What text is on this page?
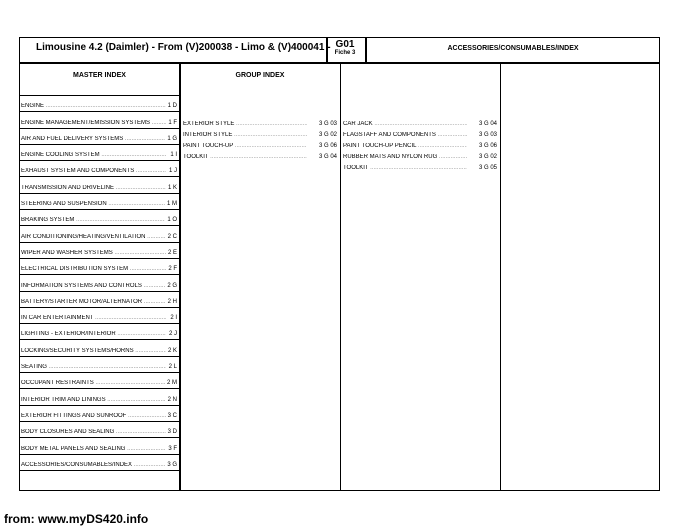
Limousine 4.2 (Daimler) - From (V)200038 - Limo & (V)400041 - G01
Fiche 3
ACCESSORIES/CONSUMABLES/INDEX
MASTER INDEX	GROUP INDEX
ENGINE .....	1 D
ENGINE MANAGEMENT/EMISSION SYSTEMS .....	1 F
AIR AND FUEL DELIVERY SYSTEMS .....	1 G
ENGINE COOLING SYSTEM .....	1 I
EXHAUST SYSTEM AND COMPONENTS .....	1 J
TRANSMISSION AND DRIVELINE .....	1 K
STEERING AND SUSPENSION .....	1 M
BRAKING SYSTEM .....	1 O
AIR CONDITIONING/HEATING/VENTILATION .....	2 C
WIPER AND WASHER SYSTEMS .....	2 E
ELECTRICAL DISTRIBUTION SYSTEM .....	2 F
INFORMATION SYSTEMS AND CONTROLS .....	2 G
BATTERY/STARTER MOTOR/ALTERNATOR .....	2 H
IN CAR ENTERTAINMENT .....	2 I
LIGHTING - EXTERIOR/INTERIOR .....	2 J
LOCKING/SECURITY SYSTEMS/HORNS .....	2 K
SEATING .....	2 L
OCCUPANT RESTRAINTS .....	2 M
INTERIOR TRIM AND LININGS .....	2 N
EXTERIOR FITTINGS AND SUNROOF .....	3 C
BODY CLOSURES AND SEALING .....	3 D
BODY METAL PANELS AND SEALING .....	3 F
ACCESSORIES/CONSUMABLES/INDEX .....	3 G
EXTERIOR STYLE .....	3 G 03
INTERIOR STYLE .....	3 G 02
PAINT TOUCH-UP .....	3 G 06
TOOLKIT .....	3 G 04
CAR JACK .....	3 G 04
FLAGSTAFF AND COMPONENTS .....	3 G 03
PAINT TOUCH-UP PENCIL .....	3 G 06
RUBBER MATS AND NYLON RUG .....	3 G 02
TOOLKIT .....	3 G 05
from: www.myDS420.info
